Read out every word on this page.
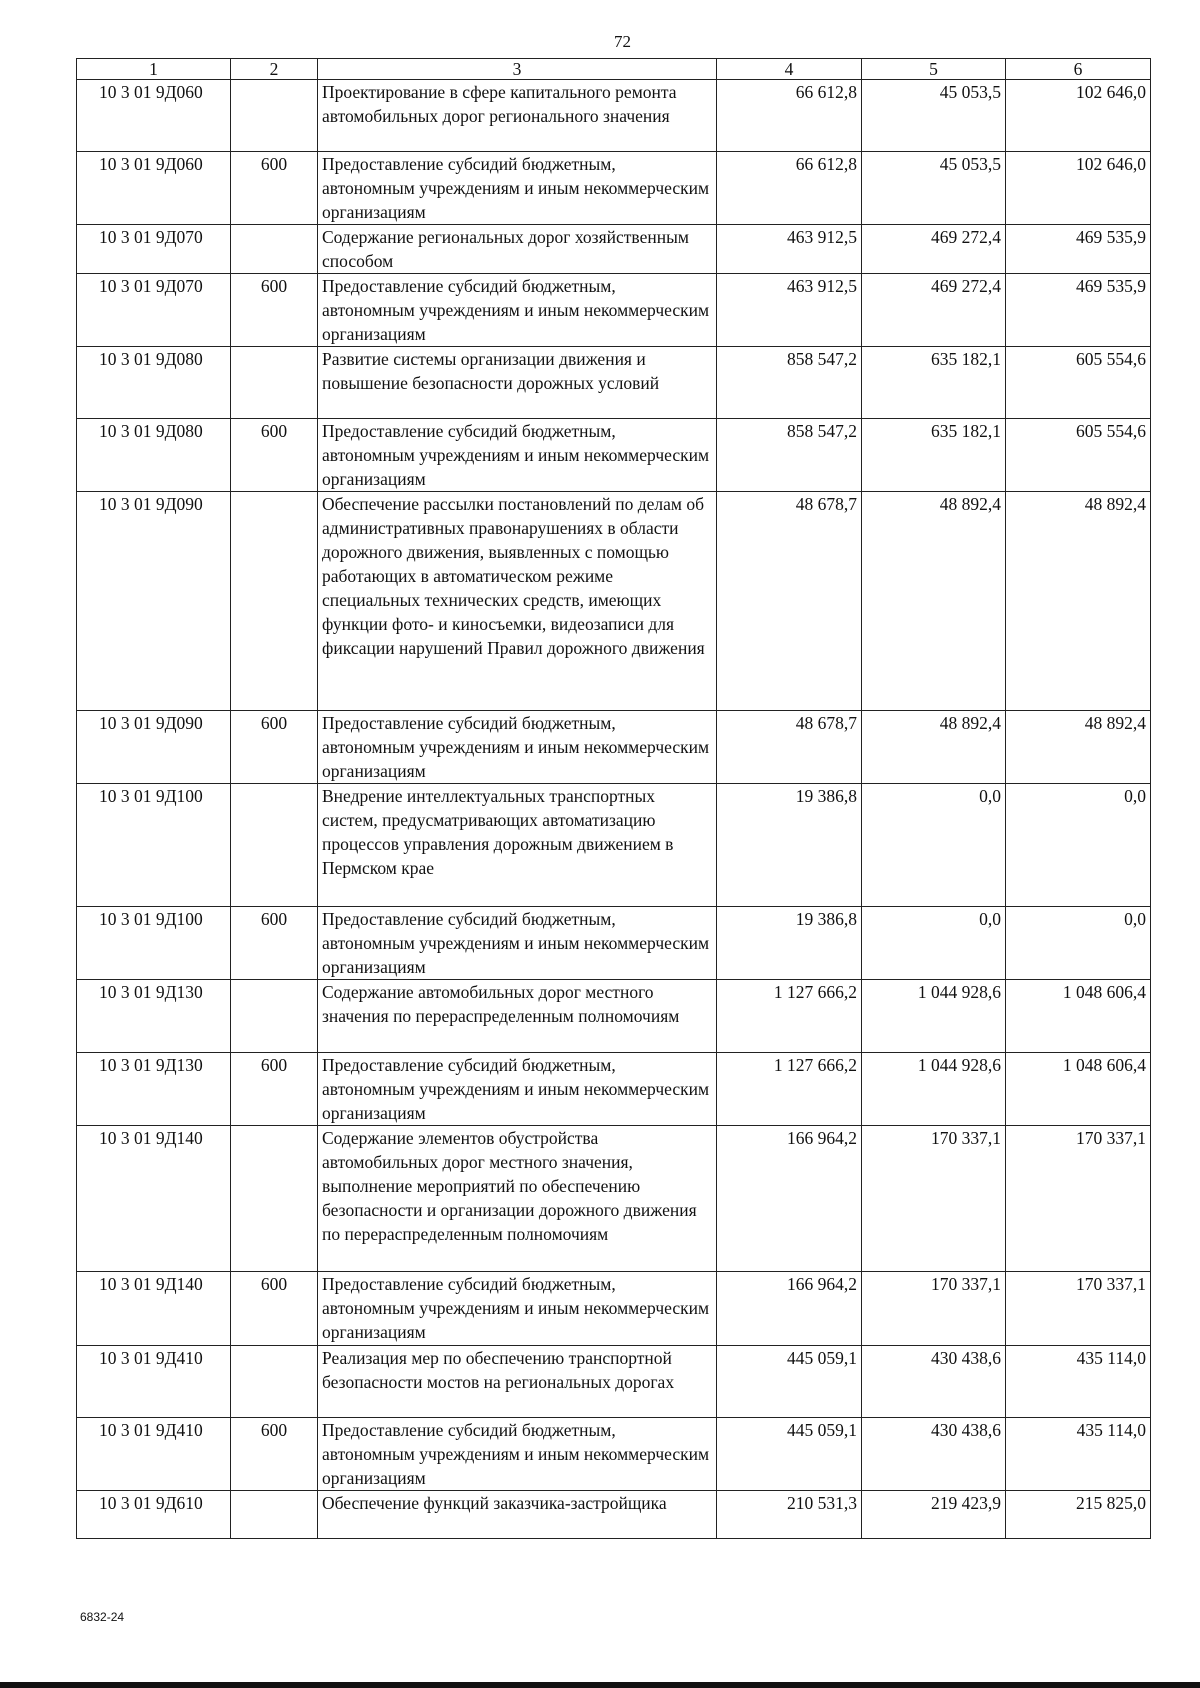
72
1	2	3	4	5	6
10 3 01 9Д060		Проектирование в сфере капитального ремонта автомобильных дорог регионального значения	66 612,8	45 053,5	102 646,0
10 3 01 9Д060	600	Предоставление субсидий бюджетным, автономным учреждениям и иным некоммерческим организациям	66 612,8	45 053,5	102 646,0
10 3 01 9Д070		Содержание региональных дорог хозяйственным способом	463 912,5	469 272,4	469 535,9
10 3 01 9Д070	600	Предоставление субсидий бюджетным, автономным учреждениям и иным некоммерческим организациям	463 912,5	469 272,4	469 535,9
10 3 01 9Д080		Развитие системы организации движения и повышение безопасности дорожных условий	858 547,2	635 182,1	605 554,6
10 3 01 9Д080	600	Предоставление субсидий бюджетным, автономным учреждениям и иным некоммерческим организациям	858 547,2	635 182,1	605 554,6
10 3 01 9Д090		Обеспечение рассылки постановлений по делам об административных правонарушениях в области дорожного движения, выявленных с помощью работающих в автоматическом режиме специальных технических средств, имеющих функции фото- и киносъемки, видеозаписи для фиксации нарушений Правил дорожного движения	48 678,7	48 892,4	48 892,4
10 3 01 9Д090	600	Предоставление субсидий бюджетным, автономным учреждениям и иным некоммерческим организациям	48 678,7	48 892,4	48 892,4
10 3 01 9Д100		Внедрение интеллектуальных транспортных систем, предусматривающих автоматизацию процессов управления дорожным движением в Пермском крае	19 386,8	0,0	0,0
10 3 01 9Д100	600	Предоставление субсидий бюджетным, автономным учреждениям и иным некоммерческим организациям	19 386,8	0,0	0,0
10 3 01 9Д130		Содержание автомобильных дорог местного значения по перераспределенным полномочиям	1 127 666,2	1 044 928,6	1 048 606,4
10 3 01 9Д130	600	Предоставление субсидий бюджетным, автономным учреждениям и иным некоммерческим организациям	1 127 666,2	1 044 928,6	1 048 606,4
10 3 01 9Д140		Содержание элементов обустройства автомобильных дорог местного значения, выполнение мероприятий по обеспечению безопасности и организации дорожного движения по перераспределенным полномочиям	166 964,2	170 337,1	170 337,1
10 3 01 9Д140	600	Предоставление субсидий бюджетным, автономным учреждениям и иным некоммерческим организациям	166 964,2	170 337,1	170 337,1
10 3 01 9Д410		Реализация мер по обеспечению транспортной безопасности мостов на региональных дорогах	445 059,1	430 438,6	435 114,0
10 3 01 9Д410	600	Предоставление субсидий бюджетным, автономным учреждениям и иным некоммерческим организациям	445 059,1	430 438,6	435 114,0
10 3 01 9Д610		Обеспечение функций заказчика-застройщика	210 531,3	219 423,9	215 825,0
6832-24
